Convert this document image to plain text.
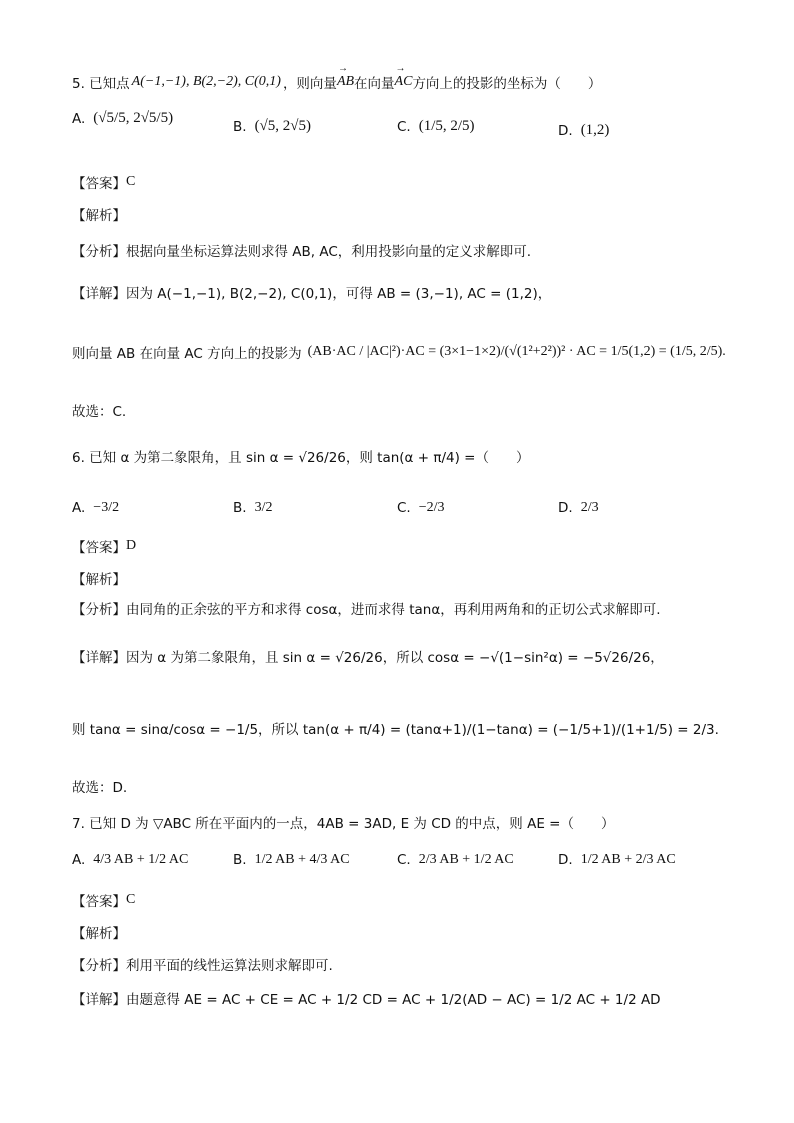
5. 已知点 A(−1,−1), B(2,−2), C(0,1) ，则向量 → AB 在向量 → AC 方向上的投影的坐标为（　　）
A. (√5/5, 2√5/5)
B. (√5, 2√5)	C. (1/5, 2/5)	D. (1,2)
【答案】 C
【解析】
【分析】 根据向量坐标运算法则求得 AB, AC，利用投影向量的定义求解即可.
【详解】 因为 A(−1,−1), B(2,−2), C(0,1)，可得 AB = (3,−1), AC = (1,2)，
则向量 AB 在向量 AC 方向上的投影为 (AB·AC / |AC|²)·AC = (3×1−1×2)/(√(1²+2²))² · AC = 1/5(1,2) = (1/5, 2/5).
故选：C.
6. 已知 α 为第二象限角，且 sin α = √26/26，则 tan(α + π/4) =（　　）
A. −3/2	B. 3/2	C. −2/3	D. 2/3
【答案】 D
【解析】
【分析】 由同角的正余弦的平方和求得 cosα，进而求得 tanα，再利用两角和的正切公式求解即可.
【详解】 因为 α 为第二象限角，且 sin α = √26/26，所以 cosα = −√(1−sin²α) = −5√26/26，
则 tanα = sinα/cosα = −1/5，所以 tan(α + π/4) = (tanα+1)/(1−tanα) = (−1/5+1)/(1+1/5) = 2/3.
故选：D.
7. 已知 D 为 ▽ABC 所在平面内的一点，4AB = 3AD, E 为 CD 的中点，则 AE =（　　）
A. 4/3 AB + 1/2 AC	B. 1/2 AB + 4/3 AC	C. 2/3 AB + 1/2 AC	D. 1/2 AB + 2/3 AC
【答案】 C
【解析】
【分析】 利用平面的线性运算法则求解即可.
【详解】 由题意得 AE = AC + CE = AC + 1/2 CD = AC + 1/2(AD − AC) = 1/2 AC + 1/2 AD
